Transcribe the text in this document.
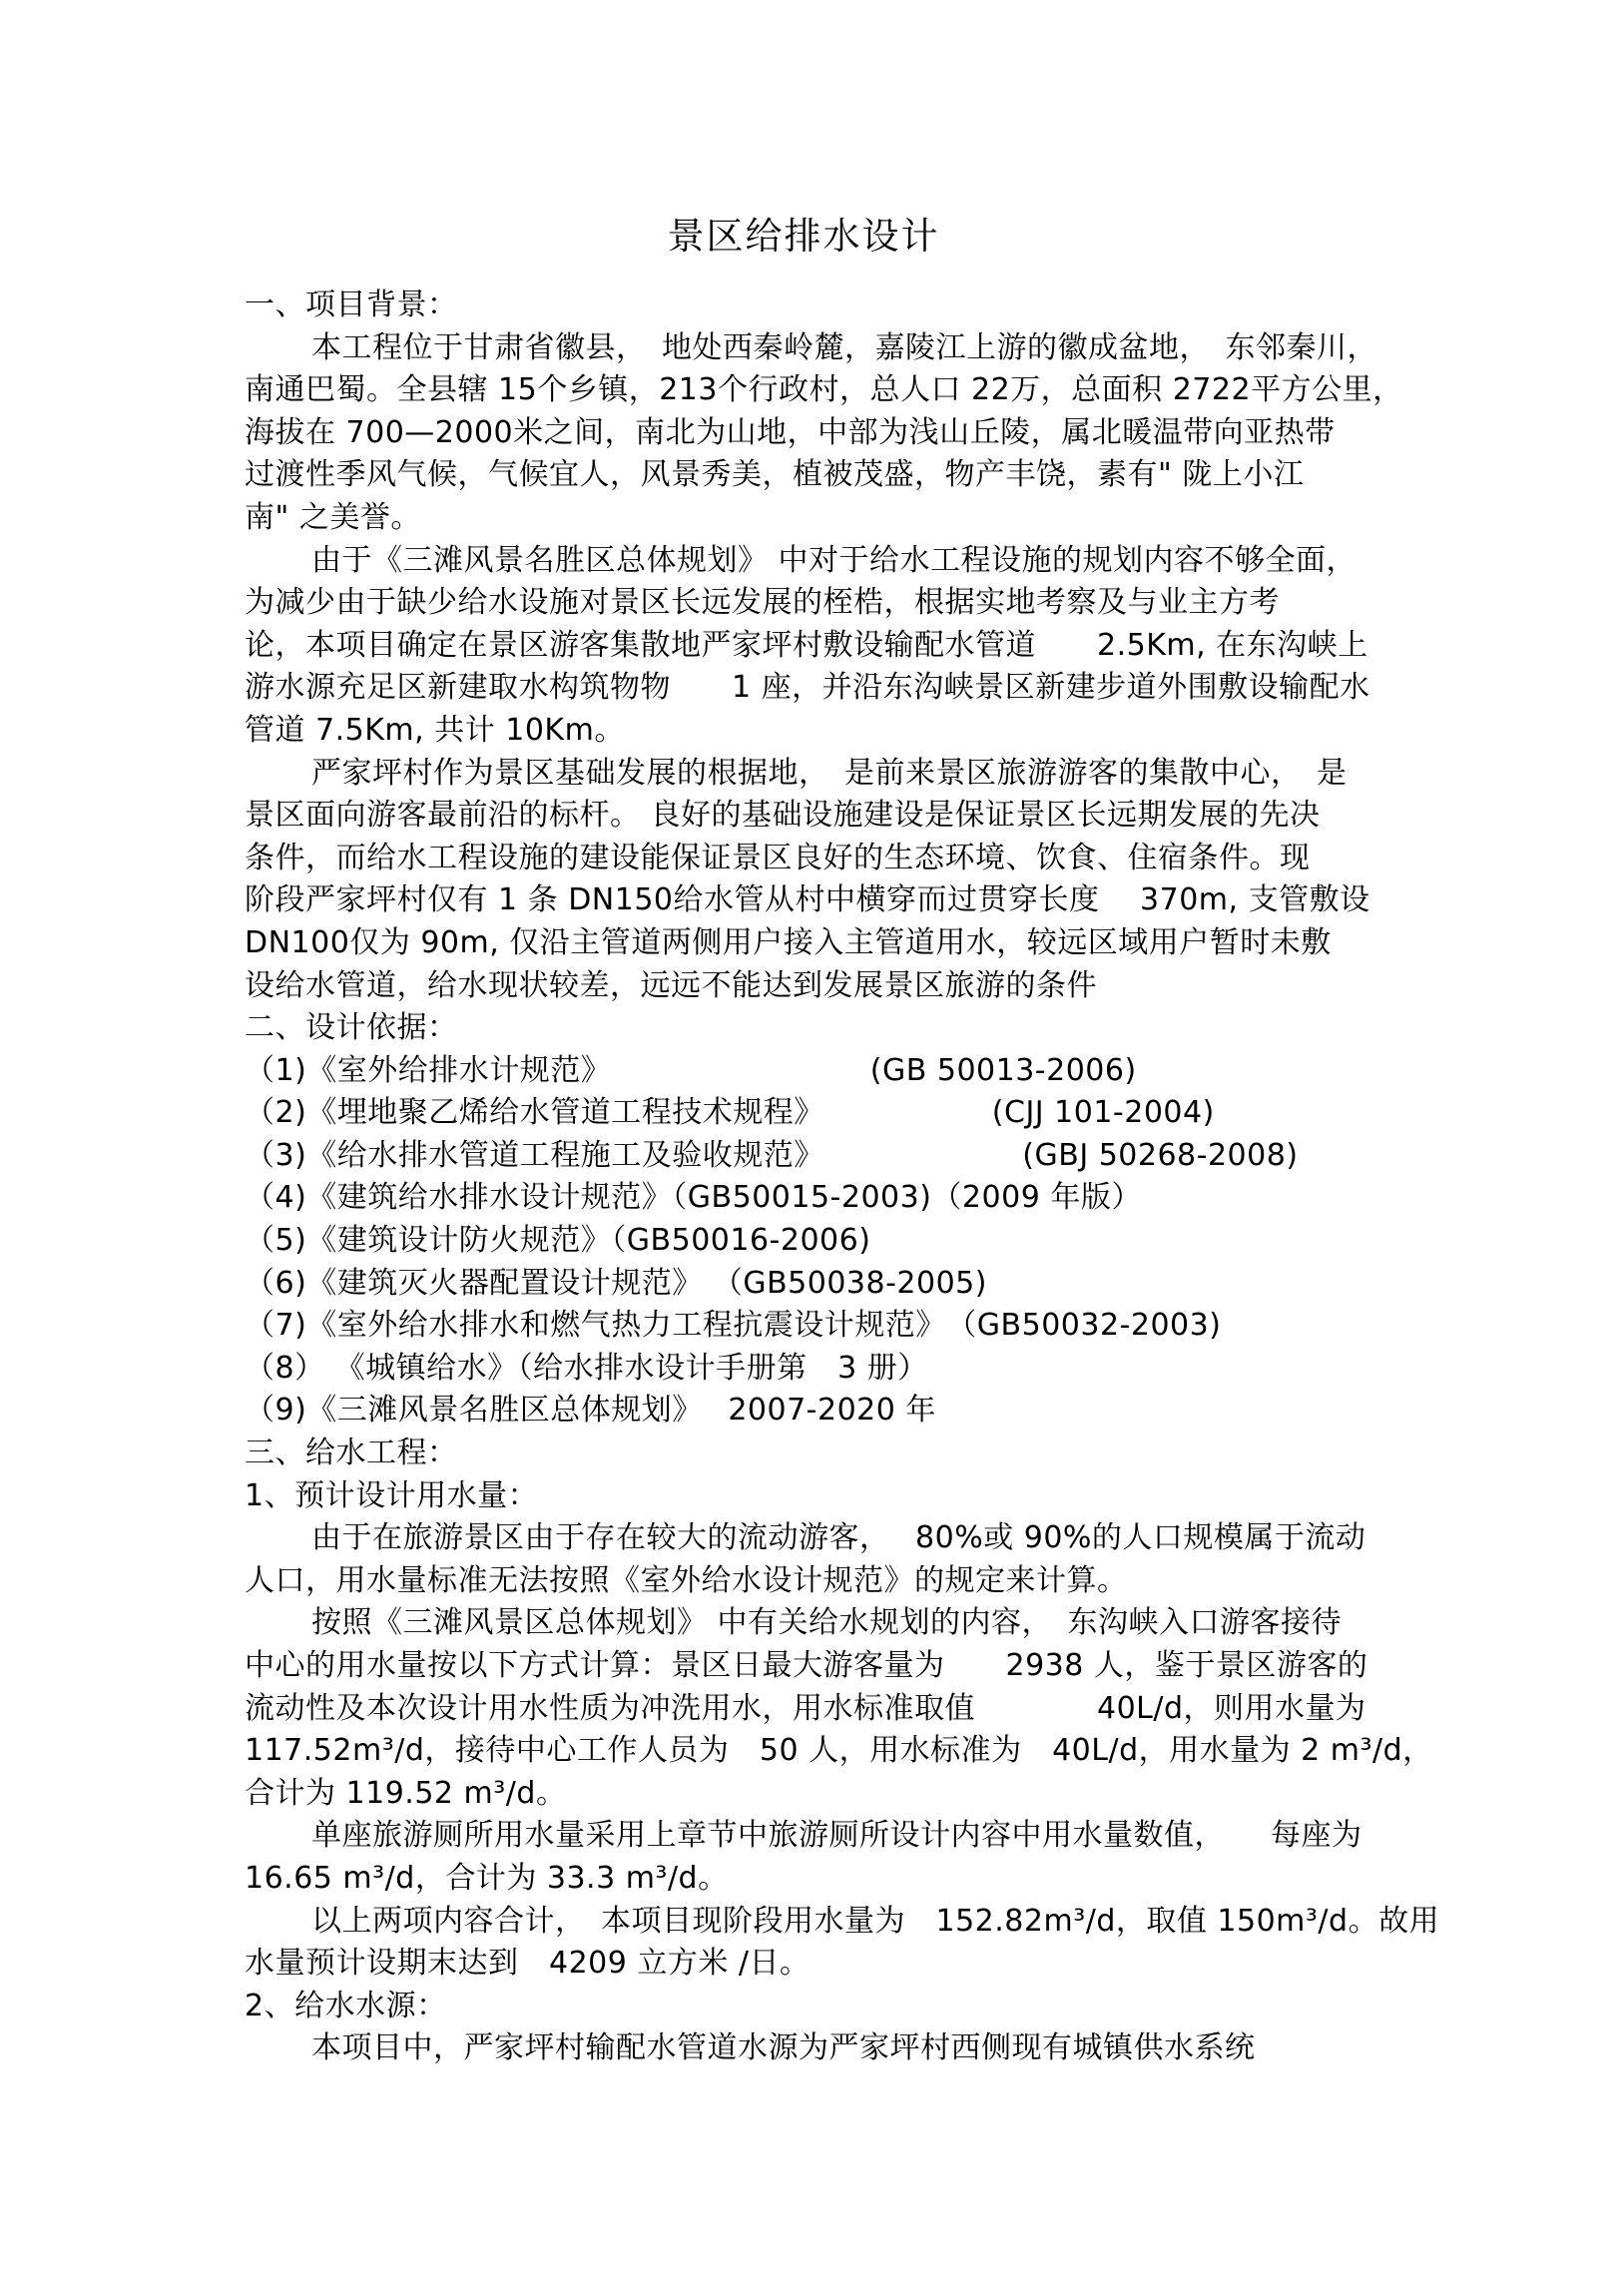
景区给排水设计
一、项目背景：
本工程位于甘肃省徽县，　地处西秦岭麓，嘉陵江上游的徽成盆地，　东邻秦川，
南通巴蜀。全县辖 15个乡镇，213个行政村，总人口 22万，总面积 2722平方公里，
海拔在 700—2000米之间，南北为山地，中部为浅山丘陵，属北暖温带向亚热带
过渡性季风气候，气候宜人，风景秀美，植被茂盛，物产丰饶，素有" 陇上小江
南" 之美誉。
由于《三滩风景名胜区总体规划》 中对于给水工程设施的规划内容不够全面，
为减少由于缺少给水设施对景区长远发展的桎梏，根据实地考察及与业主方考
论，本项目确定在景区游客集散地严家坪村敷设输配水管道　　2.5Km, 在东沟峡上
游水源充足区新建取水构筑物物　　1 座，并沿东沟峡景区新建步道外围敷设输配水
管道 7.5Km, 共计 10Km。
严家坪村作为景区基础发展的根据地，　是前来景区旅游游客的集散中心，　是
景区面向游客最前沿的标杆。 良好的基础设施建设是保证景区长远期发展的先决
条件，而给水工程设施的建设能保证景区良好的生态环境、饮食、住宿条件。现
阶段严家坪村仅有 1 条 DN150给水管从村中横穿而过贯穿长度　 370m, 支管敷设
DN100仅为 90m, 仅沿主管道两侧用户接入主管道用水，较远区域用户暂时未敷
设给水管道，给水现状较差，远远不能达到发展景区旅游的条件
二、设计依据：
（1)《室外给排水计规范》　　　　　　　　　(GB 50013-2006)
（2)《埋地聚乙烯给水管道工程技术规程》　　　　　　(CJJ 101-2004)
（3)《给水排水管道工程施工及验收规范》　　　　　　　(GBJ 50268-2008)
（4)《建筑给水排水设计规范》（GB50015-2003)（2009 年版）
（5)《建筑设计防火规范》（GB50016-2006)
（6)《建筑灭火器配置设计规范》 （GB50038-2005)
（7)《室外给水排水和燃气热力工程抗震设计规范》　（GB50032-2003)
（8） 《城镇给水》（给水排水设计手册第　3 册）
（9)《三滩风景名胜区总体规划》　 2007-2020 年
三、给水工程：
1、预计设计用水量：
由于在旅游景区由于存在较大的流动游客，　 80%或 90%的人口规模属于流动
人口，用水量标准无法按照《室外给水设计规范》的规定来计算。
按照《三滩风景区总体规划》 中有关给水规划的内容，　东沟峡入口游客接待
中心的用水量按以下方式计算：景区日最大游客量为　　2938 人，鉴于景区游客的
流动性及本次设计用水性质为冲洗用水，用水标准取值　　　　40L/d，则用水量为
117.52m³/d，接待中心工作人员为　50 人，用水标准为　40L/d，用水量为 2 m³/d，
合计为 119.52 m³/d。
单座旅游厕所用水量采用上章节中旅游厕所设计内容中用水量数值，　　每座为
16.65 m³/d，合计为 33.3 m³/d。
以上两项内容合计，　本项目现阶段用水量为　152.82m³/d，取值 150m³/d。故用
水量预计设期末达到　4209 立方米 /日。
2、给水水源：
本项目中，严家坪村输配水管道水源为严家坪村西侧现有城镇供水系统
